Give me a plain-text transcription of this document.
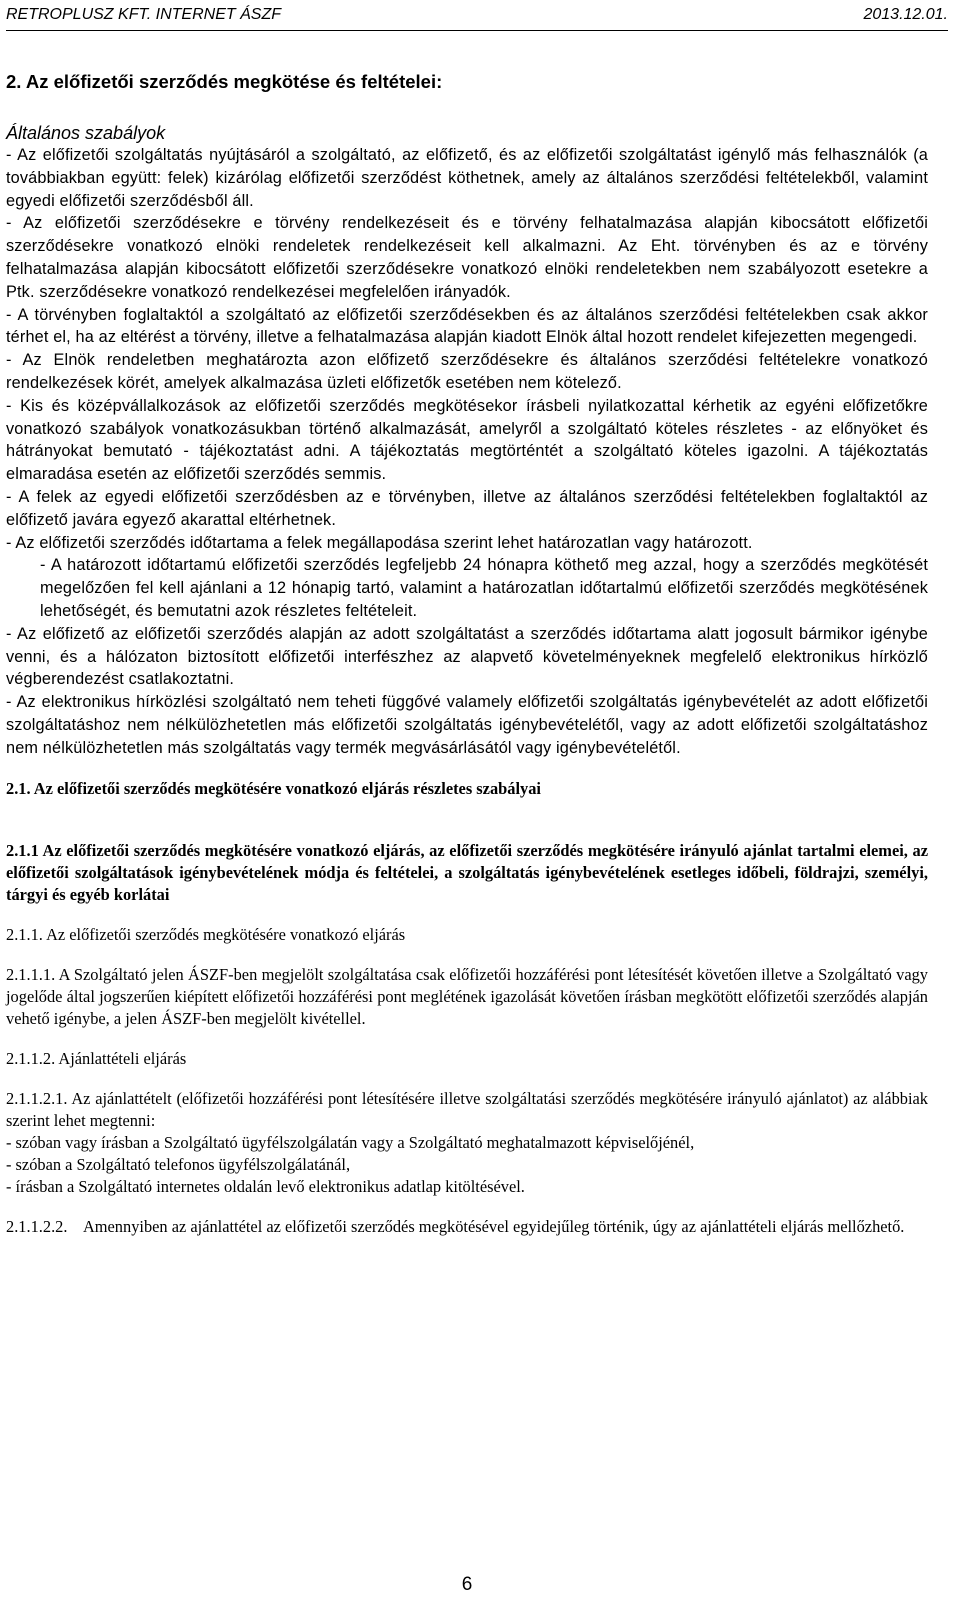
RETROPLUSZ KFT. INTERNET ÁSZF	2013.12.01.
2. Az előfizetői szerződés megkötése és feltételei:
Általános szabályok
- Az előfizetői szolgáltatás nyújtásáról a szolgáltató, az előfizető, és az előfizetői szolgáltatást igénylő más felhasználók (a továbbiakban együtt: felek) kizárólag előfizetői szerződést köthetnek, amely az általános szerződési feltételekből, valamint egyedi előfizetői szerződésből áll.
- Az előfizetői szerződésekre e törvény rendelkezéseit és e törvény felhatalmazása alapján kibocsátott előfizetői szerződésekre vonatkozó elnöki rendeletek rendelkezéseit kell alkalmazni. Az Eht. törvényben és az e törvény felhatalmazása alapján kibocsátott előfizetői szerződésekre vonatkozó elnöki rendeletekben nem szabályozott esetekre a Ptk. szerződésekre vonatkozó rendelkezései megfelelően irányadók.
- A törvényben foglaltaktól a szolgáltató az előfizetői szerződésekben és az általános szerződési feltételekben csak akkor térhet el, ha az eltérést a törvény, illetve a felhatalmazása alapján kiadott Elnök által hozott rendelet kifejezetten megengedi.
- Az Elnök rendeletben meghatározta azon előfizető szerződésekre és általános szerződési feltételekre vonatkozó rendelkezések körét, amelyek alkalmazása üzleti előfizetők esetében nem kötelező.
- Kis és középvállalkozások az előfizetői szerződés megkötésekor írásbeli nyilatkozattal kérhetik az egyéni előfizetőkre vonatkozó szabályok vonatkozásukban történő alkalmazását, amelyről a szolgáltató köteles részletes - az előnyöket és hátrányokat bemutató - tájékoztatást adni. A tájékoztatás megtörténtét a szolgáltató köteles igazolni. A tájékoztatás elmaradása esetén az előfizetői szerződés semmis.
- A felek az egyedi előfizetői szerződésben az e törvényben, illetve az általános szerződési feltételekben foglaltaktól az előfizető javára egyező akarattal eltérhetnek.
- Az előfizetői szerződés időtartama a felek megállapodása szerint lehet határozatlan vagy határozott.
- A határozott időtartamú előfizetői szerződés legfeljebb 24 hónapra köthető meg azzal, hogy a szerződés megkötését megelőzően fel kell ajánlani a 12 hónapig tartó, valamint a határozatlan időtartalmú előfizetői szerződés megkötésének lehetőségét, és bemutatni azok részletes feltételeit.
- Az előfizető az előfizetői szerződés alapján az adott szolgáltatást a szerződés időtartama alatt jogosult bármikor igénybe venni, és a hálózaton biztosított előfizetői interfészhez az alapvető követelményeknek megfelelő elektronikus hírközlő végberendezést csatlakoztatni.
- Az elektronikus hírközlési szolgáltató nem teheti függővé valamely előfizetői szolgáltatás igénybevételét az adott előfizetői szolgáltatáshoz nem nélkülözhetetlen más előfizetői szolgáltatás igénybevételétől, vagy az adott előfizetői szolgáltatáshoz nem nélkülözhetetlen más szolgáltatás vagy termék megvásárlásától vagy igénybevételétől.
2.1. Az előfizetői szerződés megkötésére vonatkozó eljárás részletes szabályai
2.1.1 Az előfizetői szerződés megkötésére vonatkozó eljárás, az előfizetői szerződés megkötésére irányuló ajánlat tartalmi elemei, az előfizetői szolgáltatások igénybevételének módja és feltételei, a szolgáltatás igénybevételének esetleges időbeli, földrajzi, személyi, tárgyi és egyéb korlátai
2.1.1. Az előfizetői szerződés megkötésére vonatkozó eljárás
2.1.1.1. A Szolgáltató jelen ÁSZF-ben megjelölt szolgáltatása csak előfizetői hozzáférési pont létesítését követően illetve a Szolgáltató vagy jogelőde által jogszerűen kiépített előfizetői hozzáférési pont meglétének igazolását követően írásban megkötött előfizetői szerződés alapján vehető igénybe, a jelen ÁSZF-ben megjelölt kivétellel.
2.1.1.2. Ajánlattételi eljárás
2.1.1.2.1. Az ajánlattételt (előfizetői hozzáférési pont létesítésére illetve szolgáltatási szerződés megkötésére irányuló ajánlatot) az alábbiak szerint lehet megtenni:
- szóban vagy írásban a Szolgáltató ügyfélszolgálatán vagy a Szolgáltató meghatalmazott képviselőjénél,
- szóban a Szolgáltató telefonos ügyfélszolgálatánál,
- írásban a Szolgáltató internetes oldalán levő elektronikus adatlap kitöltésével.
2.1.1.2.2.    Amennyiben az ajánlattétel az előfizetői szerződés megkötésével egyidejűleg történik, úgy az ajánlattételi eljárás mellőzhető.
6
